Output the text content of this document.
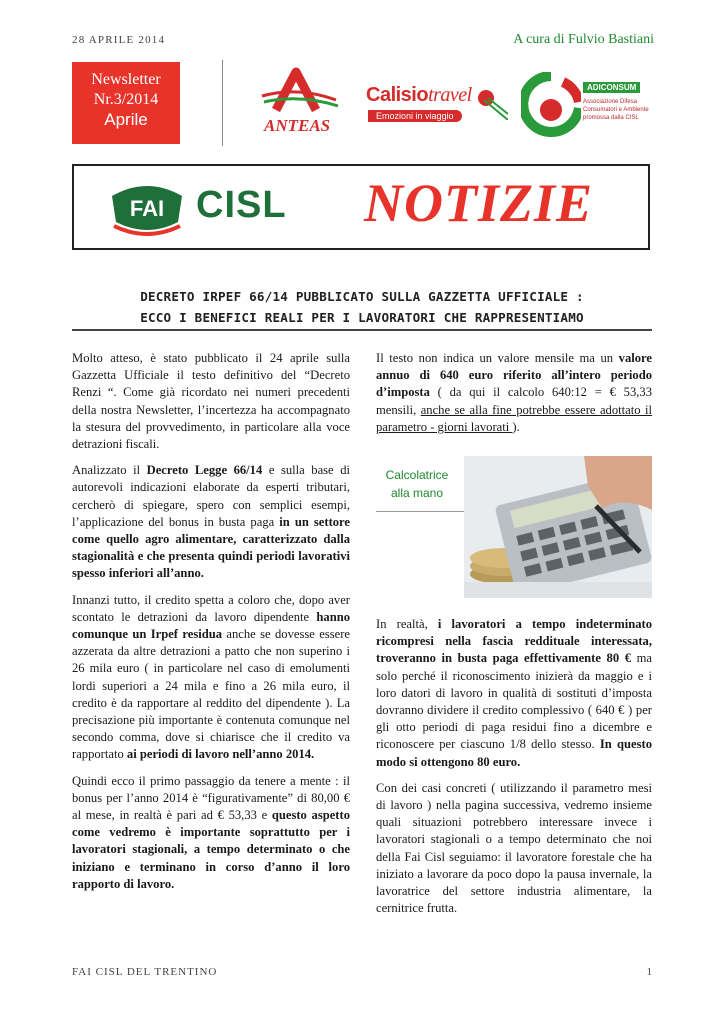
28 APRILE 2014	A cura di Fulvio Bastiani
Newsletter
Nr.3/2014
Aprile	ANTEAS
Calisiotravel
Emozioni in viaggio
ADICONSUM
Associazione Difesa Consumatori e Ambiente promossa dalla CISL
FAI CISL NOTIZIE
DECRETO IRPEF 66/14 PUBBLICATO SULLA GAZZETTA UFFICIALE :
ECCO I BENEFICI REALI PER I LAVORATORI CHE RAPPRESENTIAMO

Molto atteso, è stato pubblicato il 24 aprile sulla Gazzetta Ufficiale il testo definitivo del “Decreto Renzi “. Come già ricordato nei numeri precedenti della nostra Newsletter, l’incertezza ha accompagnato la stesura del provvedimento, in particolare alla voce detrazioni fiscali.

Analizzato il Decreto Legge 66/14 e sulla base di autorevoli indicazioni elaborate da esperti tributari, cercherò di spiegare, spero con semplici esempi, l’applicazione del bonus in busta paga in un settore come quello agro alimentare, caratterizzato dalla stagionalità e che presenta quindi periodi lavorativi spesso inferiori all’anno.

Innanzi tutto, il credito spetta a coloro che, dopo aver scontato le detrazioni da lavoro dipendente hanno comunque un Irpef residua anche se dovesse essere azzerata da altre detrazioni a patto che non superino i 26 mila euro ( in particolare nel caso di emolumenti lordi superiori a 24 mila e fino a 26 mila euro, il credito è da rapportare al reddito del dipendente ). La precisazione più importante è contenuta comunque nel secondo comma, dove si chiarisce che il credito va rapportato ai periodi di lavoro nell’anno 2014.

Quindi ecco il primo passaggio da tenere a mente : il bonus per l’anno 2014 è “figurativamente” di 80,00 € al mese, in realtà è pari ad € 53,33 e questo aspetto come vedremo è importante soprattutto per i lavoratori stagionali, a tempo determinato o che iniziano e terminano in corso d’anno il loro rapporto di lavoro.

Il testo non indica un valore mensile ma un valore annuo di 640 euro riferito all’intero periodo d’imposta ( da qui il calcolo 640:12 = € 53,33 mensili, anche se alla fine potrebbe essere adottato il parametro - giorni lavorati ).

Calcolatrice
alla mano

In realtà, i lavoratori a tempo indeterminato ricompresi nella fascia reddituale interessata, troveranno in busta paga effettivamente 80 € ma solo perché il riconoscimento inizierà da maggio e i loro datori di lavoro in qualità di sostituti d’imposta dovranno dividere il credito complessivo ( 640 € ) per gli otto periodi di paga residui fino a dicembre e riconoscere per ciascuno 1/8 dello stesso. In questo modo si ottengono 80 euro.

Con dei casi concreti ( utilizzando il parametro mesi di lavoro ) nella pagina successiva, vedremo insieme quali situazioni potrebbero interessare invece i lavoratori stagionali o a tempo determinato che noi della Fai Cisl seguiamo: il lavoratore forestale che ha iniziato a lavorare da poco dopo la pausa invernale, la lavoratrice del settore industria alimentare, la cernitrice frutta.

FAI CISL DEL TRENTINO	1
